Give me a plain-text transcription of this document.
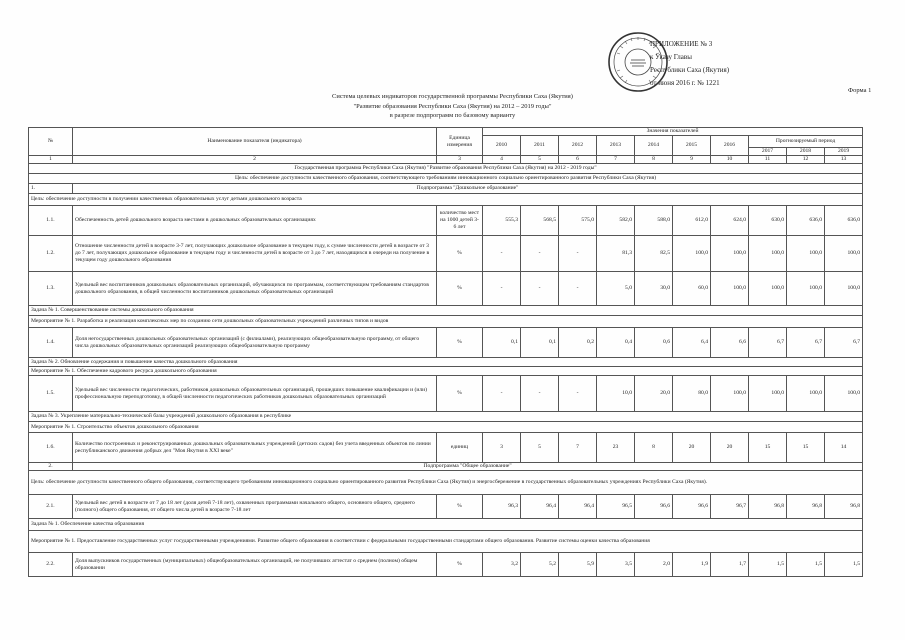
ПРИЛОЖЕНИЕ № 3
к Указу Главы
Республики Саха (Якутия)
от июня 2016 г. № 1221
Форма 1
Система целевых индикаторов государственной программы Республики Саха (Якутия)
"Развитие образования Республики Саха (Якутия) на 2012 – 2019 годы"
в разрезе подпрограмм по базовому варианту
№	Наименование показателя (индикатора)	Единица измерения	Значения показателей									
			2010	2011	2012	2013	2014	2015	2016	Прогнозируемый период		
										2017	2018	2019
1	2	3	4	5	6	7	8	9	10	11	12	13
Государственная программа Республики Саха (Якутия) "Развитие образования Республики Саха (Якутия) на 2012 - 2019 годы"												
Цель: обеспечение доступности качественного образования, соответствующего требованиям инновационного социально ориентированного развития Республики Саха (Якутия)												
1.	Подпрограмма "Дошкольное образование"											
Цель: обеспечение доступности в получении качественных образовательных услуг детьми дошкольного возраста												
1.1.	Обеспеченность детей дошкольного возраста местами в дошкольных образовательных организациях	количество мест на 1000 детей 3-6 лет	555,3	568,5	575,0	582,0	588,0	612,0	624,0	630,0	636,0	636,0
1.2.	Отношение численности детей в возрасте 3-7 лет, получающих дошкольное образование в текущем году, к сумме численности детей в возрасте от 3 до 7 лет, получающих дошкольное образование в текущем году и численности детей в возрасте от 3 до 7 лет, находящихся в очереди на получение в текущем году дошкольного образования	%	-	-	-	81,3	82,5	100,0	100,0	100,0	100,0	100,0
1.3.	Удельный вес воспитанников дошкольных образовательных организаций, обучающихся по программам, соответствующим требованиям стандартов дошкольного образования, в общей численности воспитанников дошкольных образовательных организаций	%	-	-	-	5,0	30,0	60,0	100,0	100,0	100,0	100,0
Задача № 1. Совершенствование системы дошкольного образования												
Мероприятие № 1. Разработка и реализация комплексных мер по созданию сети дошкольных образовательных учреждений различных типов и видов												
1.4.	Доля негосударственных дошкольных образовательных организаций (с филиалами), реализующих общеобразовательную программу, от общего числа дошкольных образовательных организаций реализующих общеобразовательную программу	%	0,1	0,1	0,2	0,4	0,6	6,4	6,6	6,7	6,7	6,7
Задача № 2. Обновление содержания и повышение качества дошкольного образования												
Мероприятие № 1. Обеспечение кадрового ресурса дошкольного образования												
1.5.	Удельный вес численности педагогических, работников дошкольных образовательных организаций, прошедших повышение квалификации и (или) профессиональную переподготовку, в общей численности педагогических работников дошкольных образовательных организаций	%	-	-	-	10,0	20,0	80,0	100,0	100,0	100,0	100,0
Задача № 3. Укрепление материально-технической базы учреждений дошкольного образования в республике												
Мероприятие № 1. Строительство объектов дошкольного образования												
1.6.	Количество построенных и реконструированных дошкольных образовательных учреждений (детских садов) без учета введенных объектов по линии республиканского движения добрых дел "Моя Якутия в XXI веке"	единиц	3	5	7	23	8	20	20	15	15	14
2.	Подпрограмма "Общее образование"											
Цель: обеспечение доступности качественного общего образования, соответствующего требованиям инновационного социально ориентированного развития Республики Саха (Якутия) и энергосбережение в государственных образовательных учреждениях Республики Саха (Якутия).												
2.1.	Удельный вес детей в возрасте от 7 до 18 лет (доля детей 7-18 лет), охваченных программами начального общего, основного общего, среднего (полного) общего образования, от общего числа детей в возрасте 7-18 лет	%	96,3	96,4	96,4	96,5	96,6	96,6	96,7	96,8	96,8	96,8
Задача № 1. Обеспечение качества образования												
Мероприятие № 1. Предоставление государственных услуг государственными учреждениями. Развитие общего образования в соответствии с федеральными государственными стандартами общего образования. Развитие системы оценки качества образования												
2.2.	Доля выпускников государственных (муниципальных) общеобразовательных организаций, не получивших аттестат о среднем (полном) общем образовании	%	3,2	5,2	5,9	3,5	2,0	1,9	1,7	1,5	1,5	1,5
